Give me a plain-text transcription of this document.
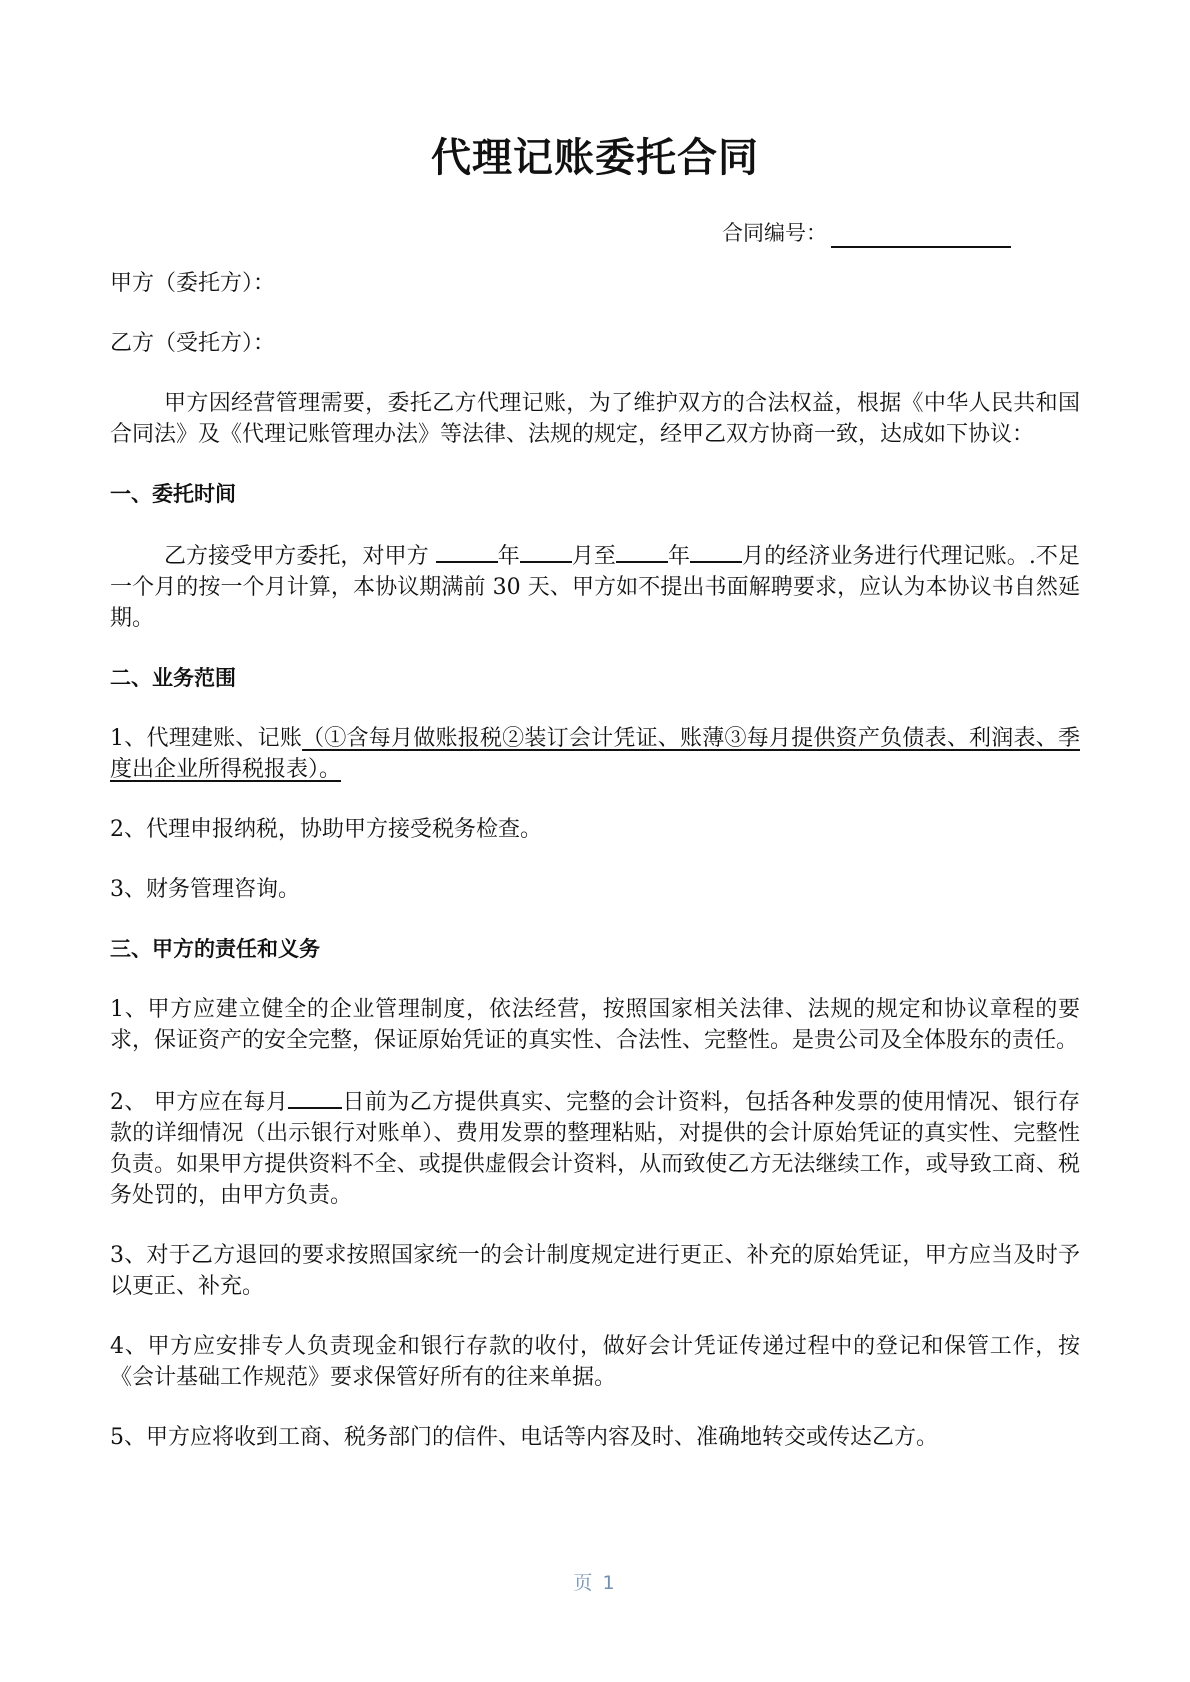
代理记账委托合同
合同编号：

甲方（委托方）：

乙方（受托方）：

甲方因经营管理需要，委托乙方代理记账，为了维护双方的合法权益，根据《中华人民共和国合同法》及《代理记账管理办法》等法律、法规的规定，经甲乙双方协商一致，达成如下协议：

一、委托时间

乙方接受甲方委托，对甲方	年 月至 年 月的经济业务进行代理记账。.不足一个月的按一个月计算，本协议期满前 30 天、甲方如不提出书面解聘要求，应认为本协议书自然延期。

二、业务范围

1、代理建账、记账（①含每月做账报税②装订会计凭证、账薄③每月提供资产负债表、利润表、季度出企业所得税报表）。

2、代理申报纳税，协助甲方接受税务检查。

3、财务管理咨询。

三、甲方的责任和义务

1、甲方应建立健全的企业管理制度，依法经营，按照国家相关法律、法规的规定和协议章程的要求，保证资产的安全完整，保证原始凭证的真实性、合法性、完整性。是贵公司及全体股东的责任。

2、 甲方应在每月 日前为乙方提供真实、完整的会计资料，包括各种发票的使用情况、银行存款的详细情况（出示银行对账单）、费用发票的整理粘贴，对提供的会计原始凭证的真实性、完整性负责。如果甲方提供资料不全、或提供虚假会计资料，从而致使乙方无法继续工作，或导致工商、税务处罚的，由甲方负责。

3、对于乙方退回的要求按照国家统一的会计制度规定进行更正、补充的原始凭证，甲方应当及时予以更正、补充。

4、甲方应安排专人负责现金和银行存款的收付，做好会计凭证传递过程中的登记和保管工作，按《会计基础工作规范》要求保管好所有的往来单据。

5、甲方应将收到工商、税务部门的信件、电话等内容及时、准确地转交或传达乙方。

页 1
